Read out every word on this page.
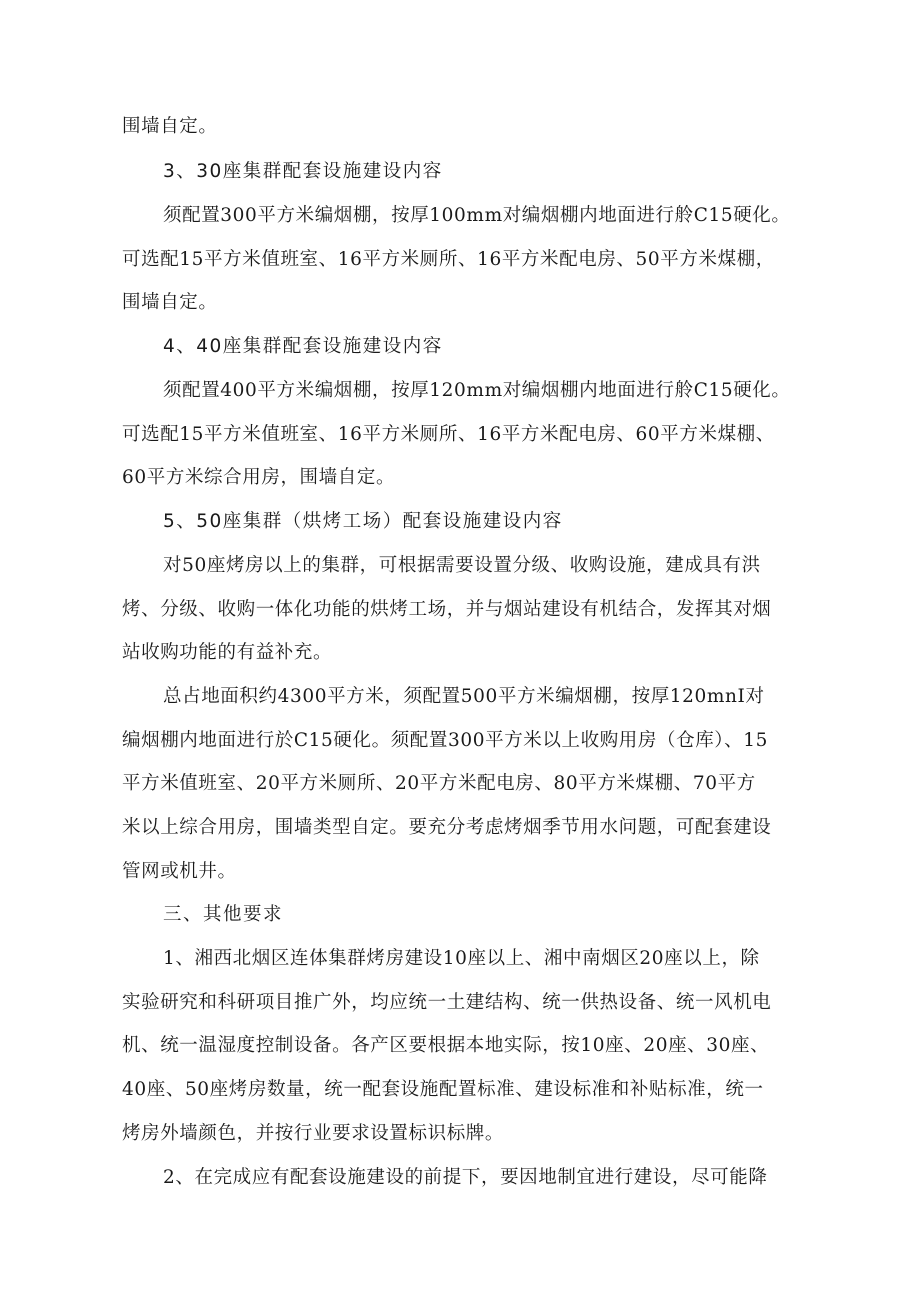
围墙自定。
3、30座集群配套设施建设内容
须配置300平方米编烟棚，按厚100mm对编烟棚内地面进行舲C15硬化。
可选配15平方米值班室、16平方米厕所、16平方米配电房、50平方米煤棚，
围墙自定。
4、40座集群配套设施建设内容
须配置400平方米编烟棚，按厚120mm对编烟棚内地面进行舲C15硬化。
可选配15平方米值班室、16平方米厕所、16平方米配电房、60平方米煤棚、
60平方米综合用房，围墙自定。
5、50座集群（烘烤工场）配套设施建设内容
对50座烤房以上的集群，可根据需要设置分级、收购设施，建成具有洪
烤、分级、收购一体化功能的烘烤工场，并与烟站建设有机结合，发挥其对烟
站收购功能的有益补充。
总占地面积约4300平方米，须配置500平方米编烟棚，按厚120mnI对
编烟棚内地面进行於C15硬化。须配置300平方米以上收购用房（仓库）、15
平方米值班室、20平方米厕所、20平方米配电房、80平方米煤棚、70平方
米以上综合用房，围墙类型自定。要充分考虑烤烟季节用水问题，可配套建设
管网或机井。
三、其他要求
1、湘西北烟区连体集群烤房建设10座以上、湘中南烟区20座以上，除
实验研究和科研项目推广外，均应统一土建结构、统一供热设备、统一风机电
机、统一温湿度控制设备。各产区要根据本地实际，按10座、20座、30座、
40座、50座烤房数量，统一配套设施配置标准、建设标准和补贴标准，统一
烤房外墙颜色，并按行业要求设置标识标牌。
2、在完成应有配套设施建设的前提下，要因地制宜进行建设，尽可能降
